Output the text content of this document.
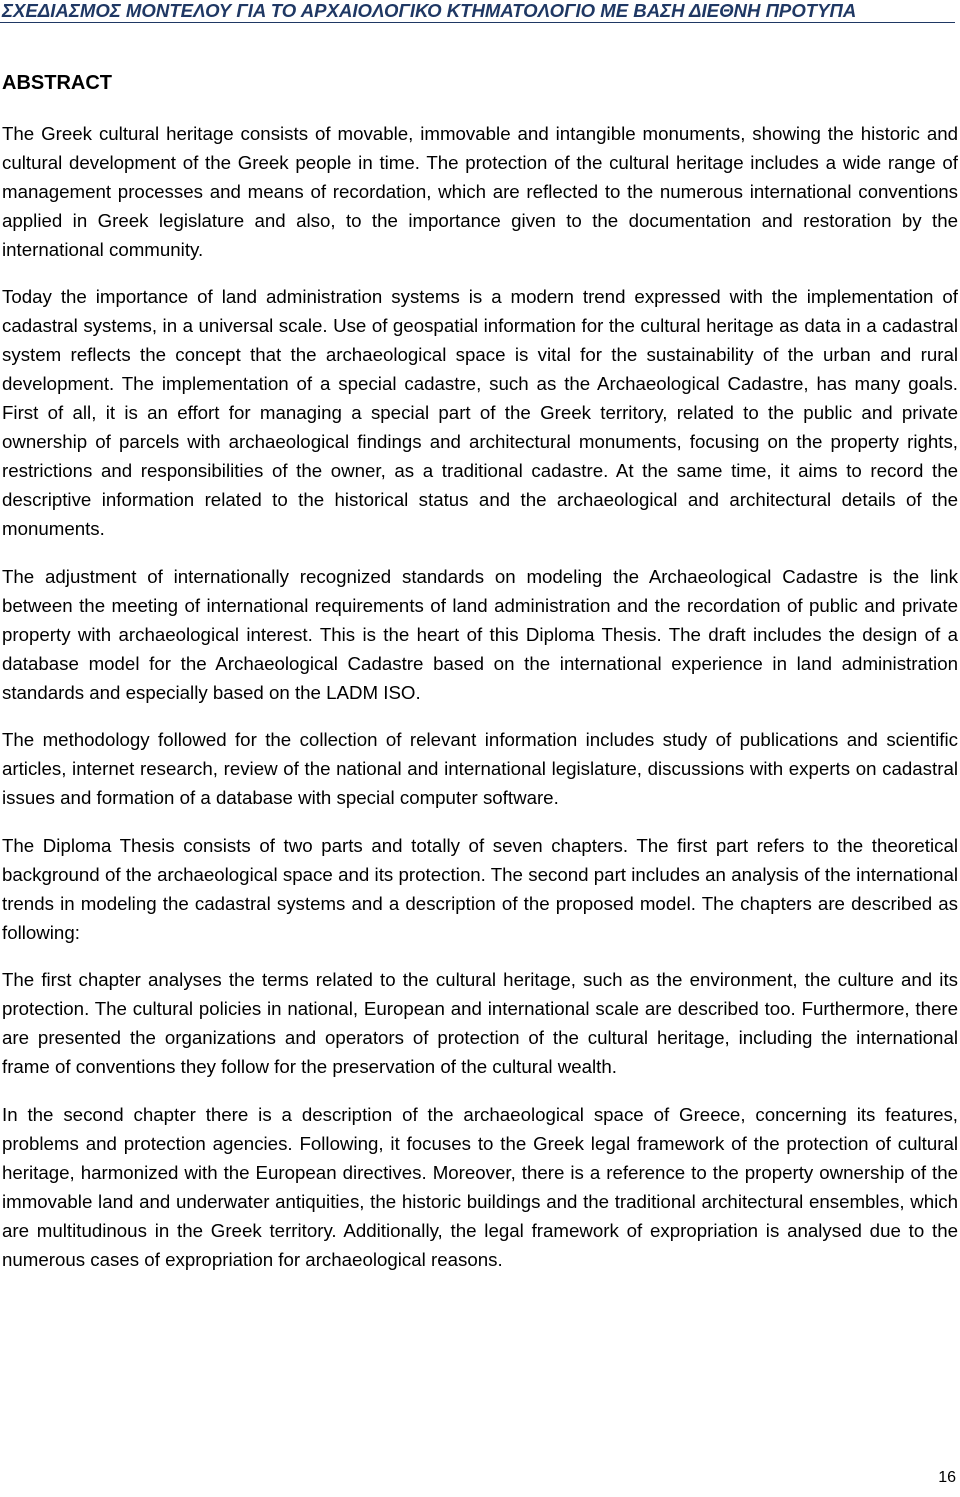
ΣΧΕΔΙΑΣΜΟΣ ΜΟΝΤΕΛΟΥ ΓΙΑ ΤΟ ΑΡΧΑΙΟΛΟΓΙΚΟ ΚΤΗΜΑΤΟΛΟΓΙΟ ΜΕ ΒΑΣΗ ΔΙΕΘΝΗ ΠΡΟΤΥΠΑ
ABSTRACT

The Greek cultural heritage consists of movable, immovable and intangible monuments, showing the historic and cultural development of the Greek people in time. The protection of the cultural heritage includes a wide range of management processes and means of recordation, which are reflected to the numerous international conventions applied in Greek legislature and also, to the importance given to the documentation and restoration by the international community.

Today the importance of land administration systems is a modern trend expressed with the implementation of cadastral systems, in a universal scale. Use of geospatial information for the cultural heritage as data in a cadastral system reflects the concept that the archaeological space is vital for the sustainability of the urban and rural development. The implementation of a special cadastre, such as the Archaeological Cadastre, has many goals. First of all, it is an effort for managing a special part of the Greek territory, related to the public and private ownership of parcels with archaeological findings and architectural monuments, focusing on the property rights, restrictions and responsibilities of the owner, as a traditional cadastre. At the same time, it aims to record the descriptive information related to the historical status and the archaeological and architectural details of the monuments.

The adjustment of internationally recognized standards on modeling the Archaeological Cadastre is the link between the meeting of international requirements of land administration and the recordation of public and private property with archaeological interest. This is the heart of this Diploma Thesis. The draft includes the design of a database model for the Archaeological Cadastre based on the international experience in land administration standards and especially based on the LADM ISO.

The methodology followed for the collection of relevant information includes study of publications and scientific articles, internet research, review of the national and international legislature, discussions with experts on cadastral issues and formation of a database with special computer software.

The Diploma Thesis consists of two parts and totally of seven chapters. The first part refers to the theoretical background of the archaeological space and its protection. The second part includes an analysis of the international trends in modeling the cadastral systems and a description of the proposed model. The chapters are described as following:

The first chapter analyses the terms related to the cultural heritage, such as the environment, the culture and its protection. The cultural policies in national, European and international scale are described too. Furthermore, there are presented the organizations and operators of protection of the cultural heritage, including the international frame of conventions they follow for the preservation of the cultural wealth.

In the second chapter there is a description of the archaeological space of Greece, concerning its features, problems and protection agencies. Following, it focuses to the Greek legal framework of the protection of cultural heritage, harmonized with the European directives. Moreover, there is a reference to the property ownership of the immovable land and underwater antiquities, the historic buildings and the traditional architectural ensembles, which are multitudinous in the Greek territory. Additionally, the legal framework of expropriation is analysed due to the numerous cases of expropriation for archaeological reasons.

16
